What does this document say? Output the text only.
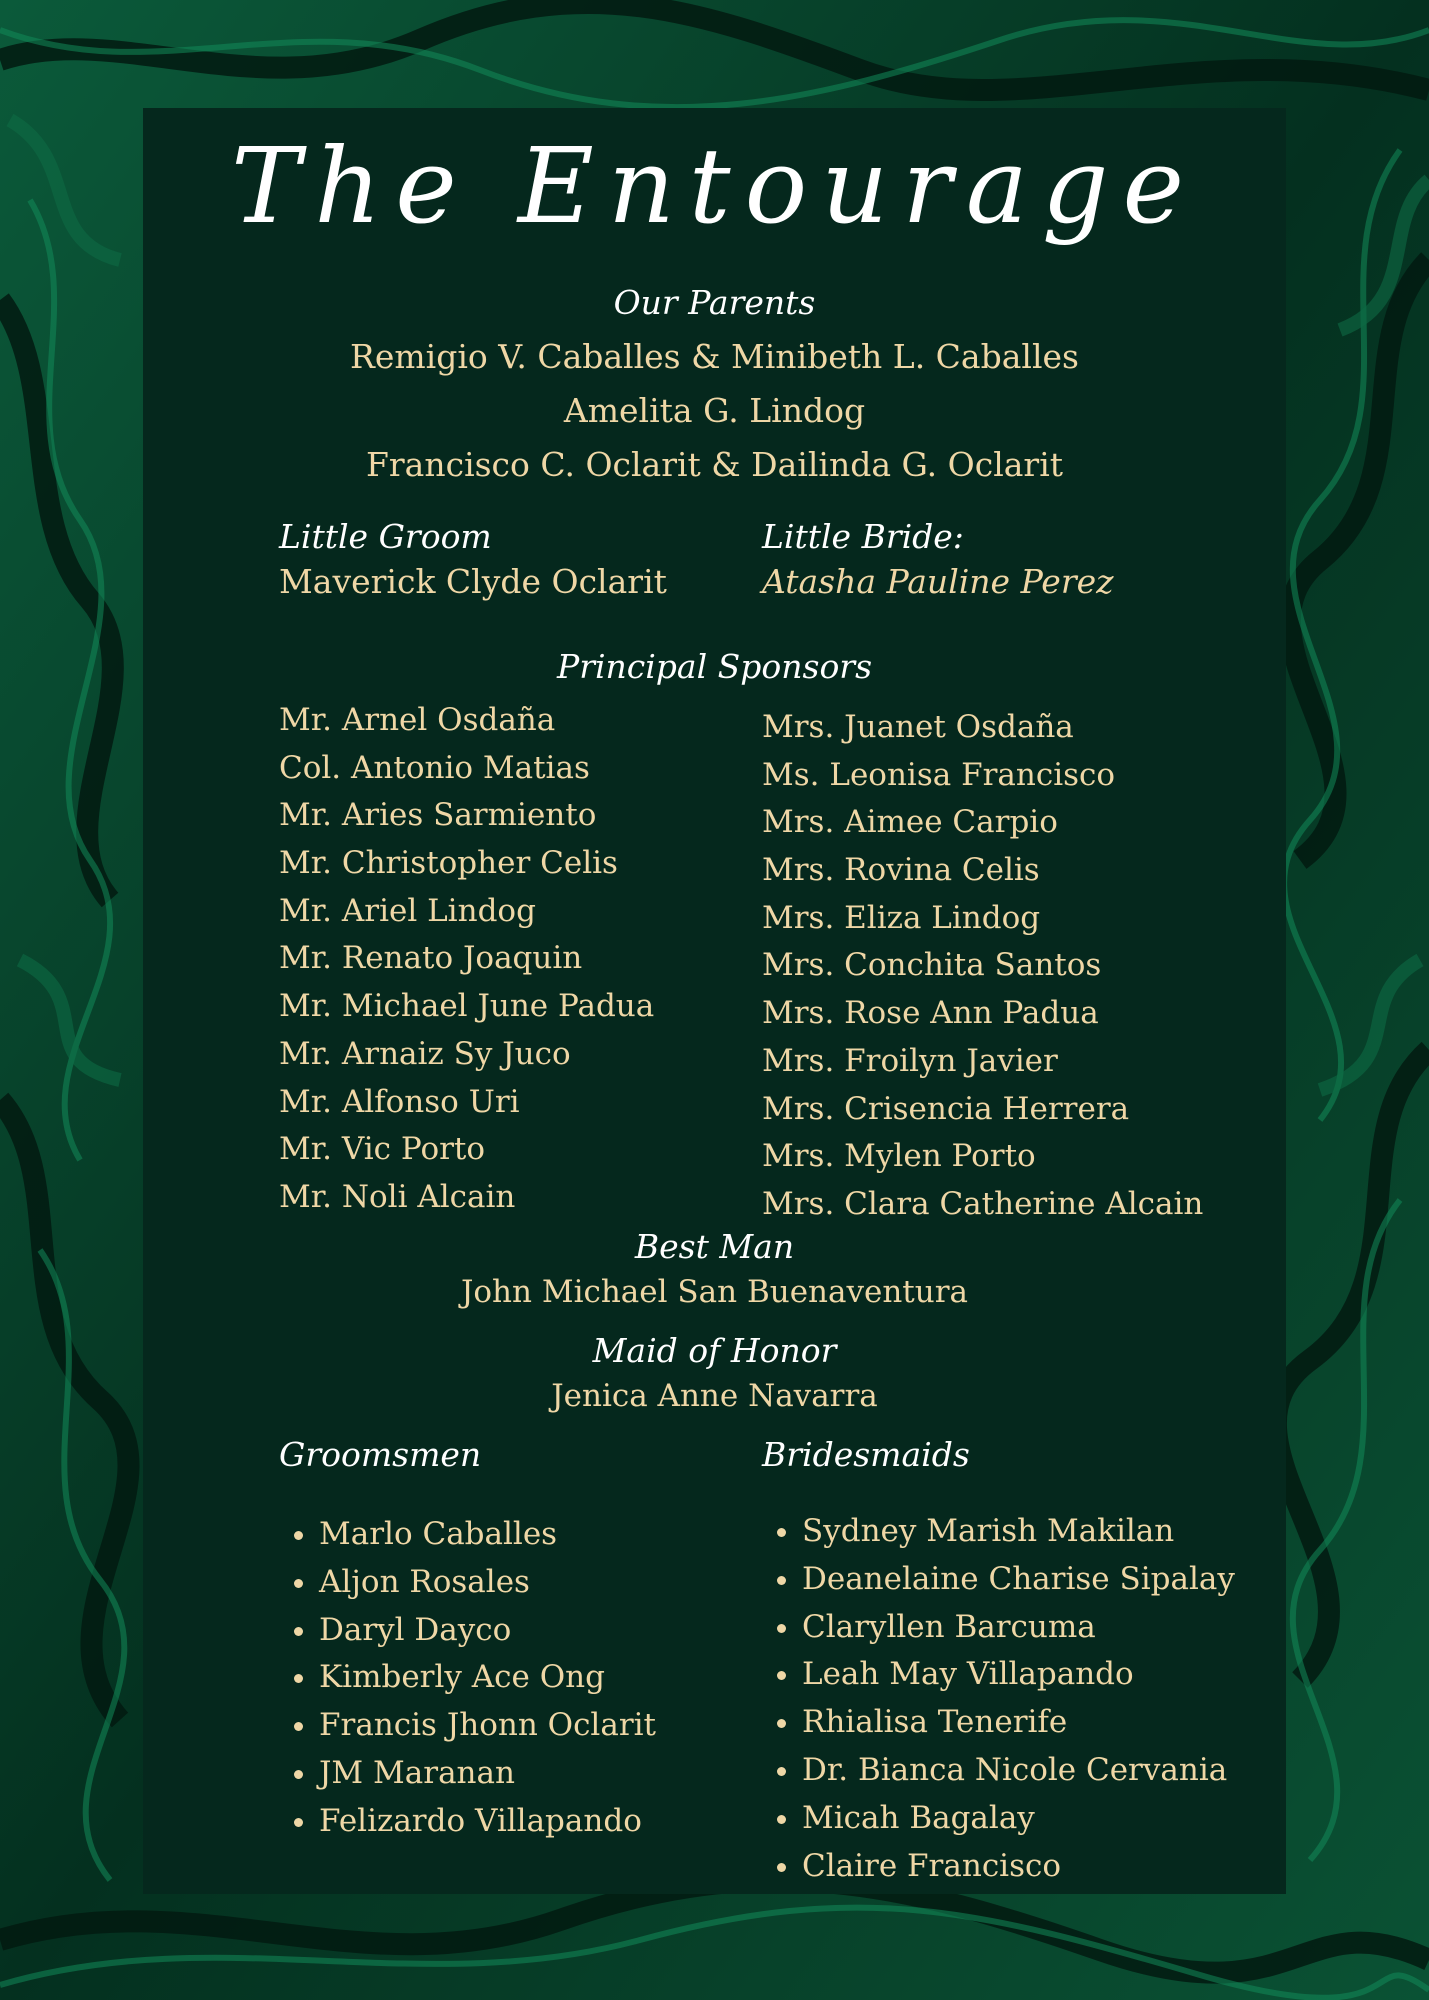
The Entourage
Our Parents
Remigio V. Caballes & Minibeth L. Caballes
Amelita G. Lindog
Francisco C. Oclarit & Dailinda G. Oclarit
Little Groom
Maverick Clyde Oclarit
Little Bride:
Atasha Pauline Perez
Principal Sponsors
Mr. Arnel Osdaña
Col. Antonio Matias
Mr. Aries Sarmiento
Mr. Christopher Celis
Mr. Ariel Lindog
Mr. Renato Joaquin
Mr. Michael June Padua
Mr. Arnaiz Sy Juco
Mr. Alfonso Uri
Mr. Vic Porto
Mr. Noli Alcain
Mrs. Juanet Osdaña
Ms. Leonisa Francisco
Mrs. Aimee Carpio
Mrs. Rovina Celis
Mrs. Eliza Lindog
Mrs. Conchita Santos
Mrs. Rose Ann Padua
Mrs. Froilyn Javier
Mrs. Crisencia Herrera
Mrs. Mylen Porto
Mrs. Clara Catherine Alcain
Best Man
John Michael San Buenaventura
Maid of Honor
Jenica Anne Navarra
Groomsmen
• Marlo Caballes
• Aljon Rosales
• Daryl Dayco
• Kimberly Ace Ong
• Francis Jhonn Oclarit
• JM Maranan
• Felizardo Villapando
Bridesmaids
• Sydney Marish Makilan
• Deanelaine Charise Sipalay
• Claryllen Barcuma
• Leah May Villapando
• Rhialisa Tenerife
• Dr. Bianca Nicole Cervania
• Micah Bagalay
• Claire Francisco
